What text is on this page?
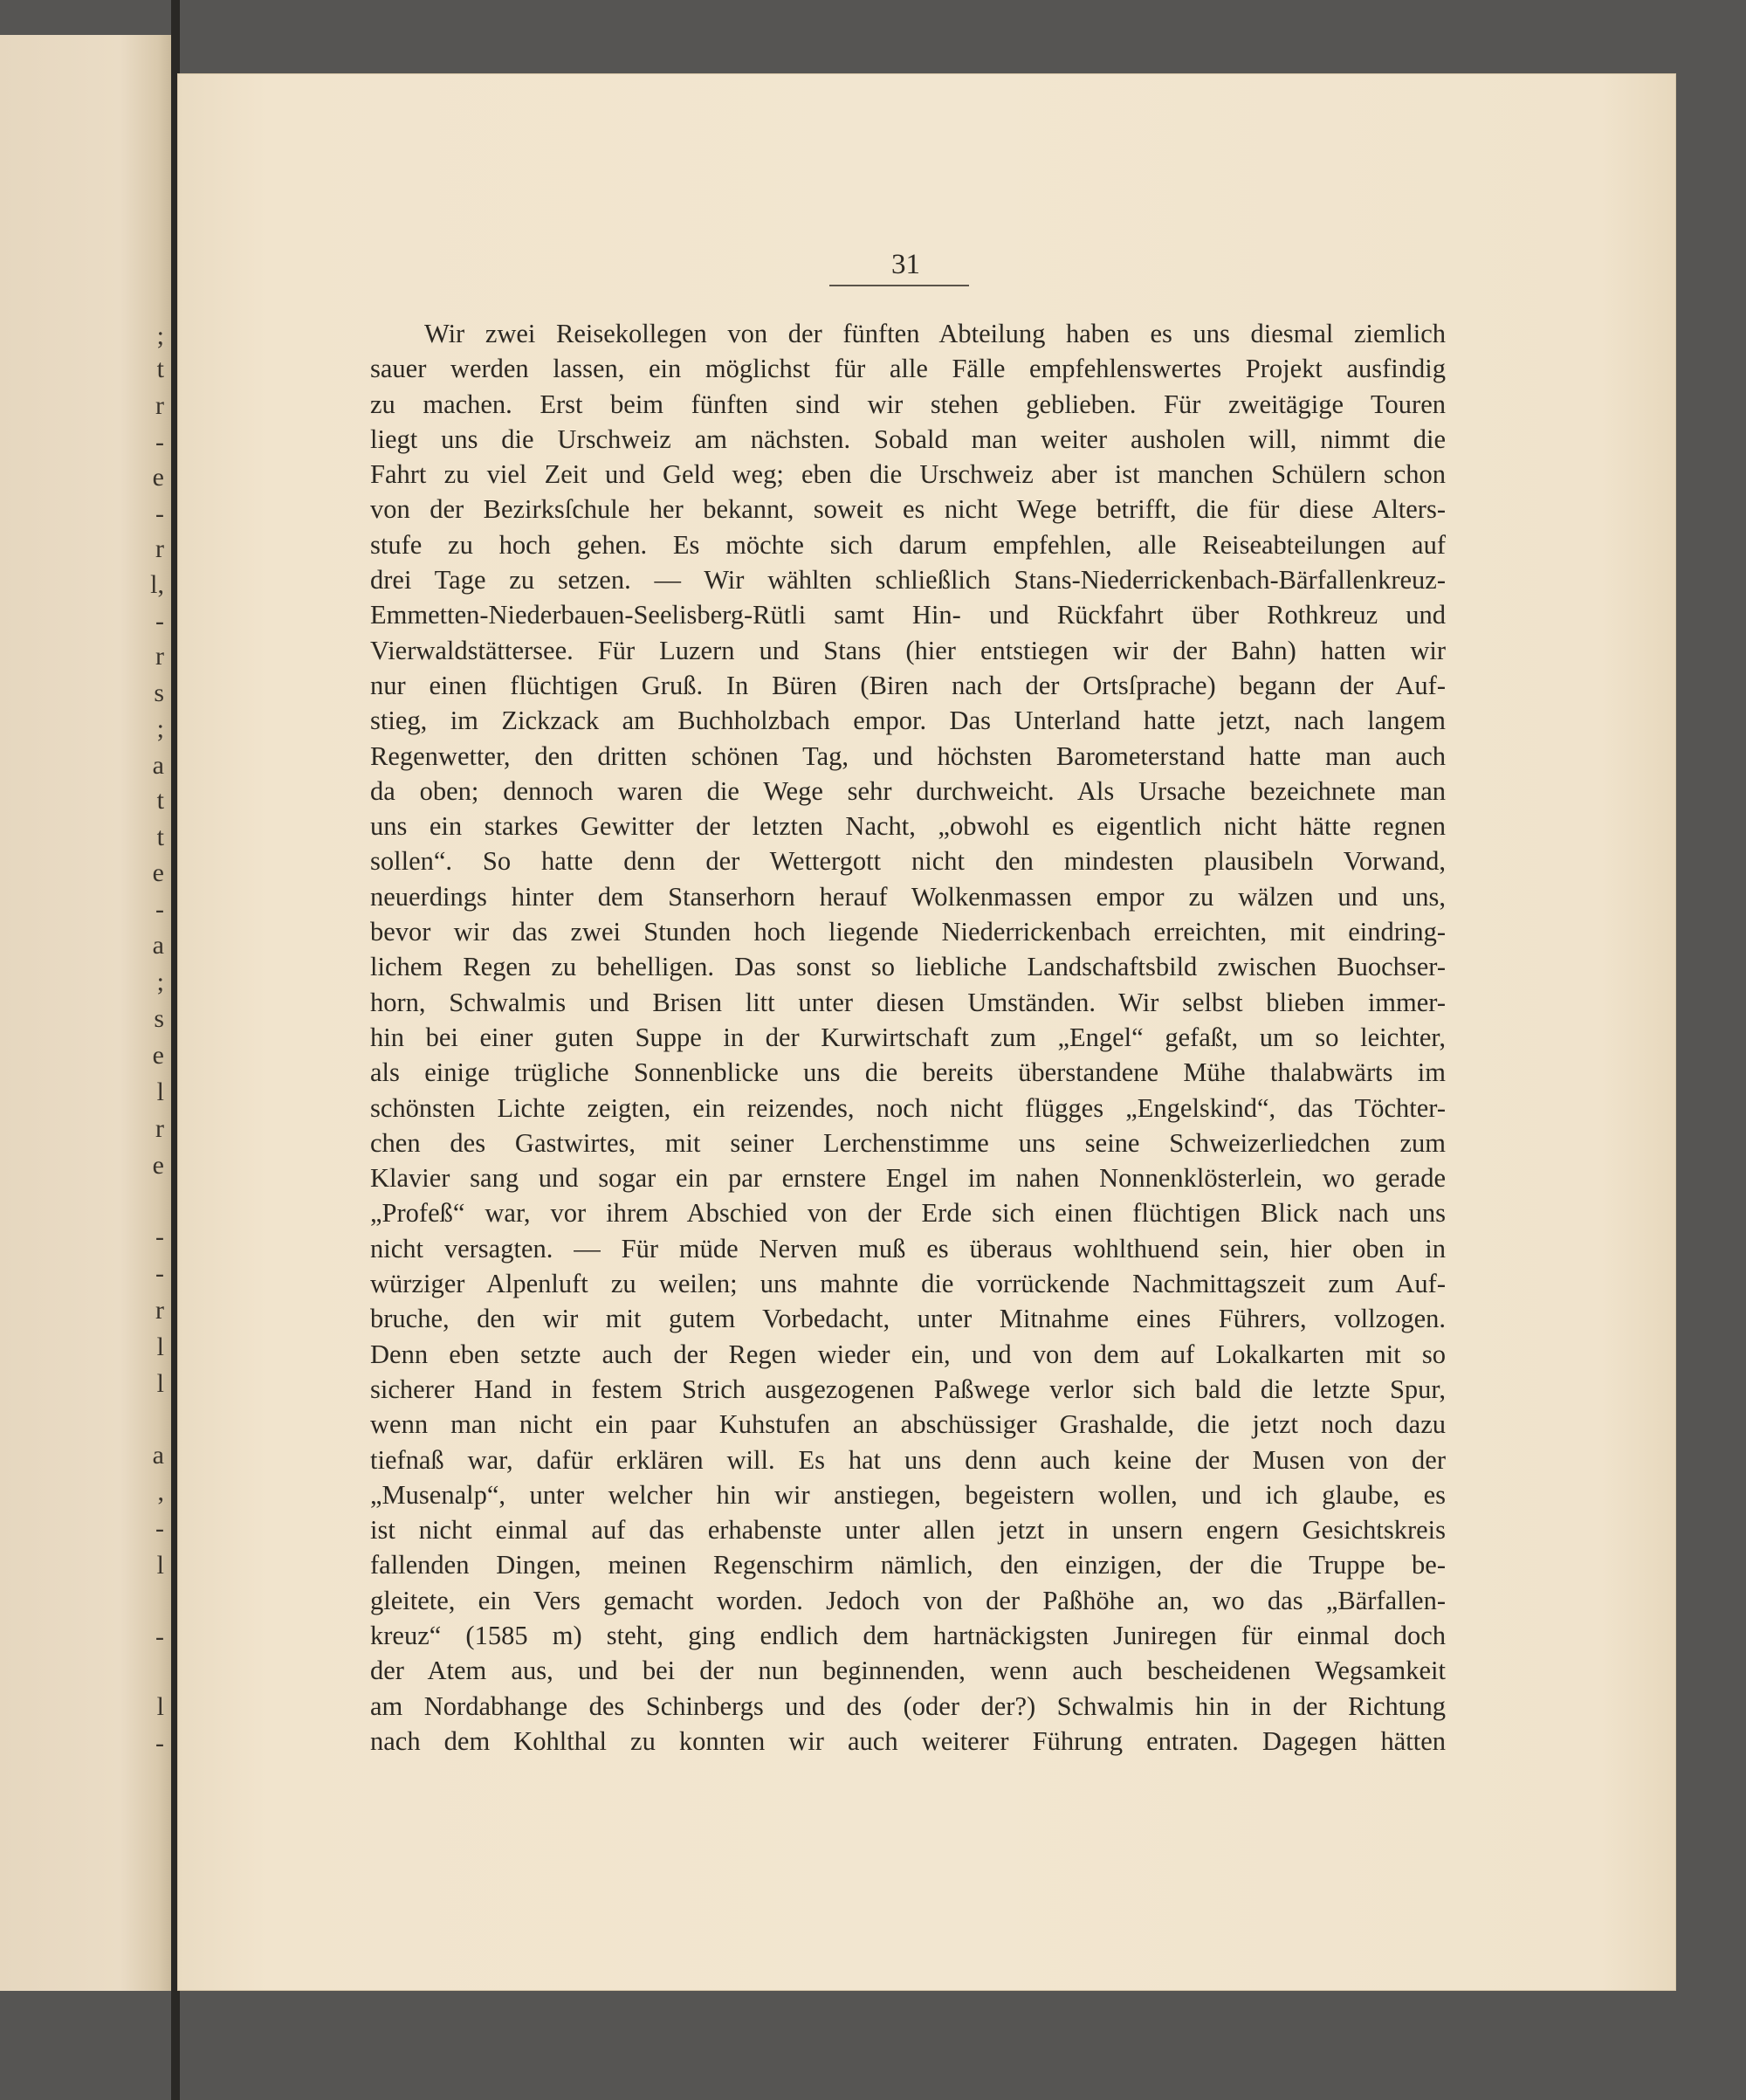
;
t
r
-
e
-
r
l,
-
r
s
;
a
t
t
e
-
a
;
s
e
l
r
e
-
-
r
l
l
a
,
-
l
-
l
-
31
Wir zwei Reisekollegen von der fünften Abteilung haben es uns diesmal ziemlich
sauer werden lassen, ein möglichst für alle Fälle empfehlenswertes Projekt ausfindig
zu machen. Erst beim fünften sind wir stehen geblieben. Für zweitägige Touren
liegt uns die Urschweiz am nächsten. Sobald man weiter ausholen will, nimmt die
Fahrt zu viel Zeit und Geld weg; eben die Urschweiz aber ist manchen Schülern schon
von der Bezirksſchule her bekannt, soweit es nicht Wege betrifft, die für diese Alters-
stufe zu hoch gehen. Es möchte sich darum empfehlen, alle Reiseabteilungen auf
drei Tage zu setzen. — Wir wählten schließlich Stans-Niederrickenbach-Bärfallenkreuz-
Emmetten-Niederbauen-Seelisberg-Rütli samt Hin- und Rückfahrt über Rothkreuz und
Vierwaldstättersee. Für Luzern und Stans (hier entstiegen wir der Bahn) hatten wir
nur einen flüchtigen Gruß. In Büren (Biren nach der Ortsſprache) begann der Auf-
stieg, im Zickzack am Buchholzbach empor. Das Unterland hatte jetzt, nach langem
Regenwetter, den dritten schönen Tag, und höchsten Barometerstand hatte man auch
da oben; dennoch waren die Wege sehr durchweicht. Als Ursache bezeichnete man
uns ein starkes Gewitter der letzten Nacht, „obwohl es eigentlich nicht hätte regnen
sollen“. So hatte denn der Wettergott nicht den mindesten plausibeln Vorwand,
neuerdings hinter dem Stanserhorn herauf Wolkenmassen empor zu wälzen und uns,
bevor wir das zwei Stunden hoch liegende Niederrickenbach erreichten, mit eindring-
lichem Regen zu behelligen. Das sonst so liebliche Landschaftsbild zwischen Buochser-
horn, Schwalmis und Brisen litt unter diesen Umständen. Wir selbst blieben immer-
hin bei einer guten Suppe in der Kurwirtschaft zum „Engel“ gefaßt, um so leichter,
als einige trügliche Sonnenblicke uns die bereits überstandene Mühe thalabwärts im
schönsten Lichte zeigten, ein reizendes, noch nicht flügges „Engelskind“, das Töchter-
chen des Gastwirtes, mit seiner Lerchenstimme uns seine Schweizerliedchen zum
Klavier sang und sogar ein par ernstere Engel im nahen Nonnenklösterlein, wo gerade
„Profeß“ war, vor ihrem Abschied von der Erde sich einen flüchtigen Blick nach uns
nicht versagten. — Für müde Nerven muß es überaus wohlthuend sein, hier oben in
würziger Alpenluft zu weilen; uns mahnte die vorrückende Nachmittagszeit zum Auf-
bruche, den wir mit gutem Vorbedacht, unter Mitnahme eines Führers, vollzogen.
Denn eben setzte auch der Regen wieder ein, und von dem auf Lokalkarten mit so
sicherer Hand in festem Strich ausgezogenen Paßwege verlor sich bald die letzte Spur,
wenn man nicht ein paar Kuhstufen an abschüssiger Grashalde, die jetzt noch dazu
tiefnaß war, dafür erklären will. Es hat uns denn auch keine der Musen von der
„Musenalp“, unter welcher hin wir anstiegen, begeistern wollen, und ich glaube, es
ist nicht einmal auf das erhabenste unter allen jetzt in unsern engern Gesichtskreis
fallenden Dingen, meinen Regenschirm nämlich, den einzigen, der die Truppe be-
gleitete, ein Vers gemacht worden. Jedoch von der Paßhöhe an, wo das „Bärfallen-
kreuz“ (1585 m) steht, ging endlich dem hartnäckigsten Juniregen für einmal doch
der Atem aus, und bei der nun beginnenden, wenn auch bescheidenen Wegsamkeit
am Nordabhange des Schinbergs und des (oder der?) Schwalmis hin in der Richtung
nach dem Kohlthal zu konnten wir auch weiterer Führung entraten. Dagegen hätten
